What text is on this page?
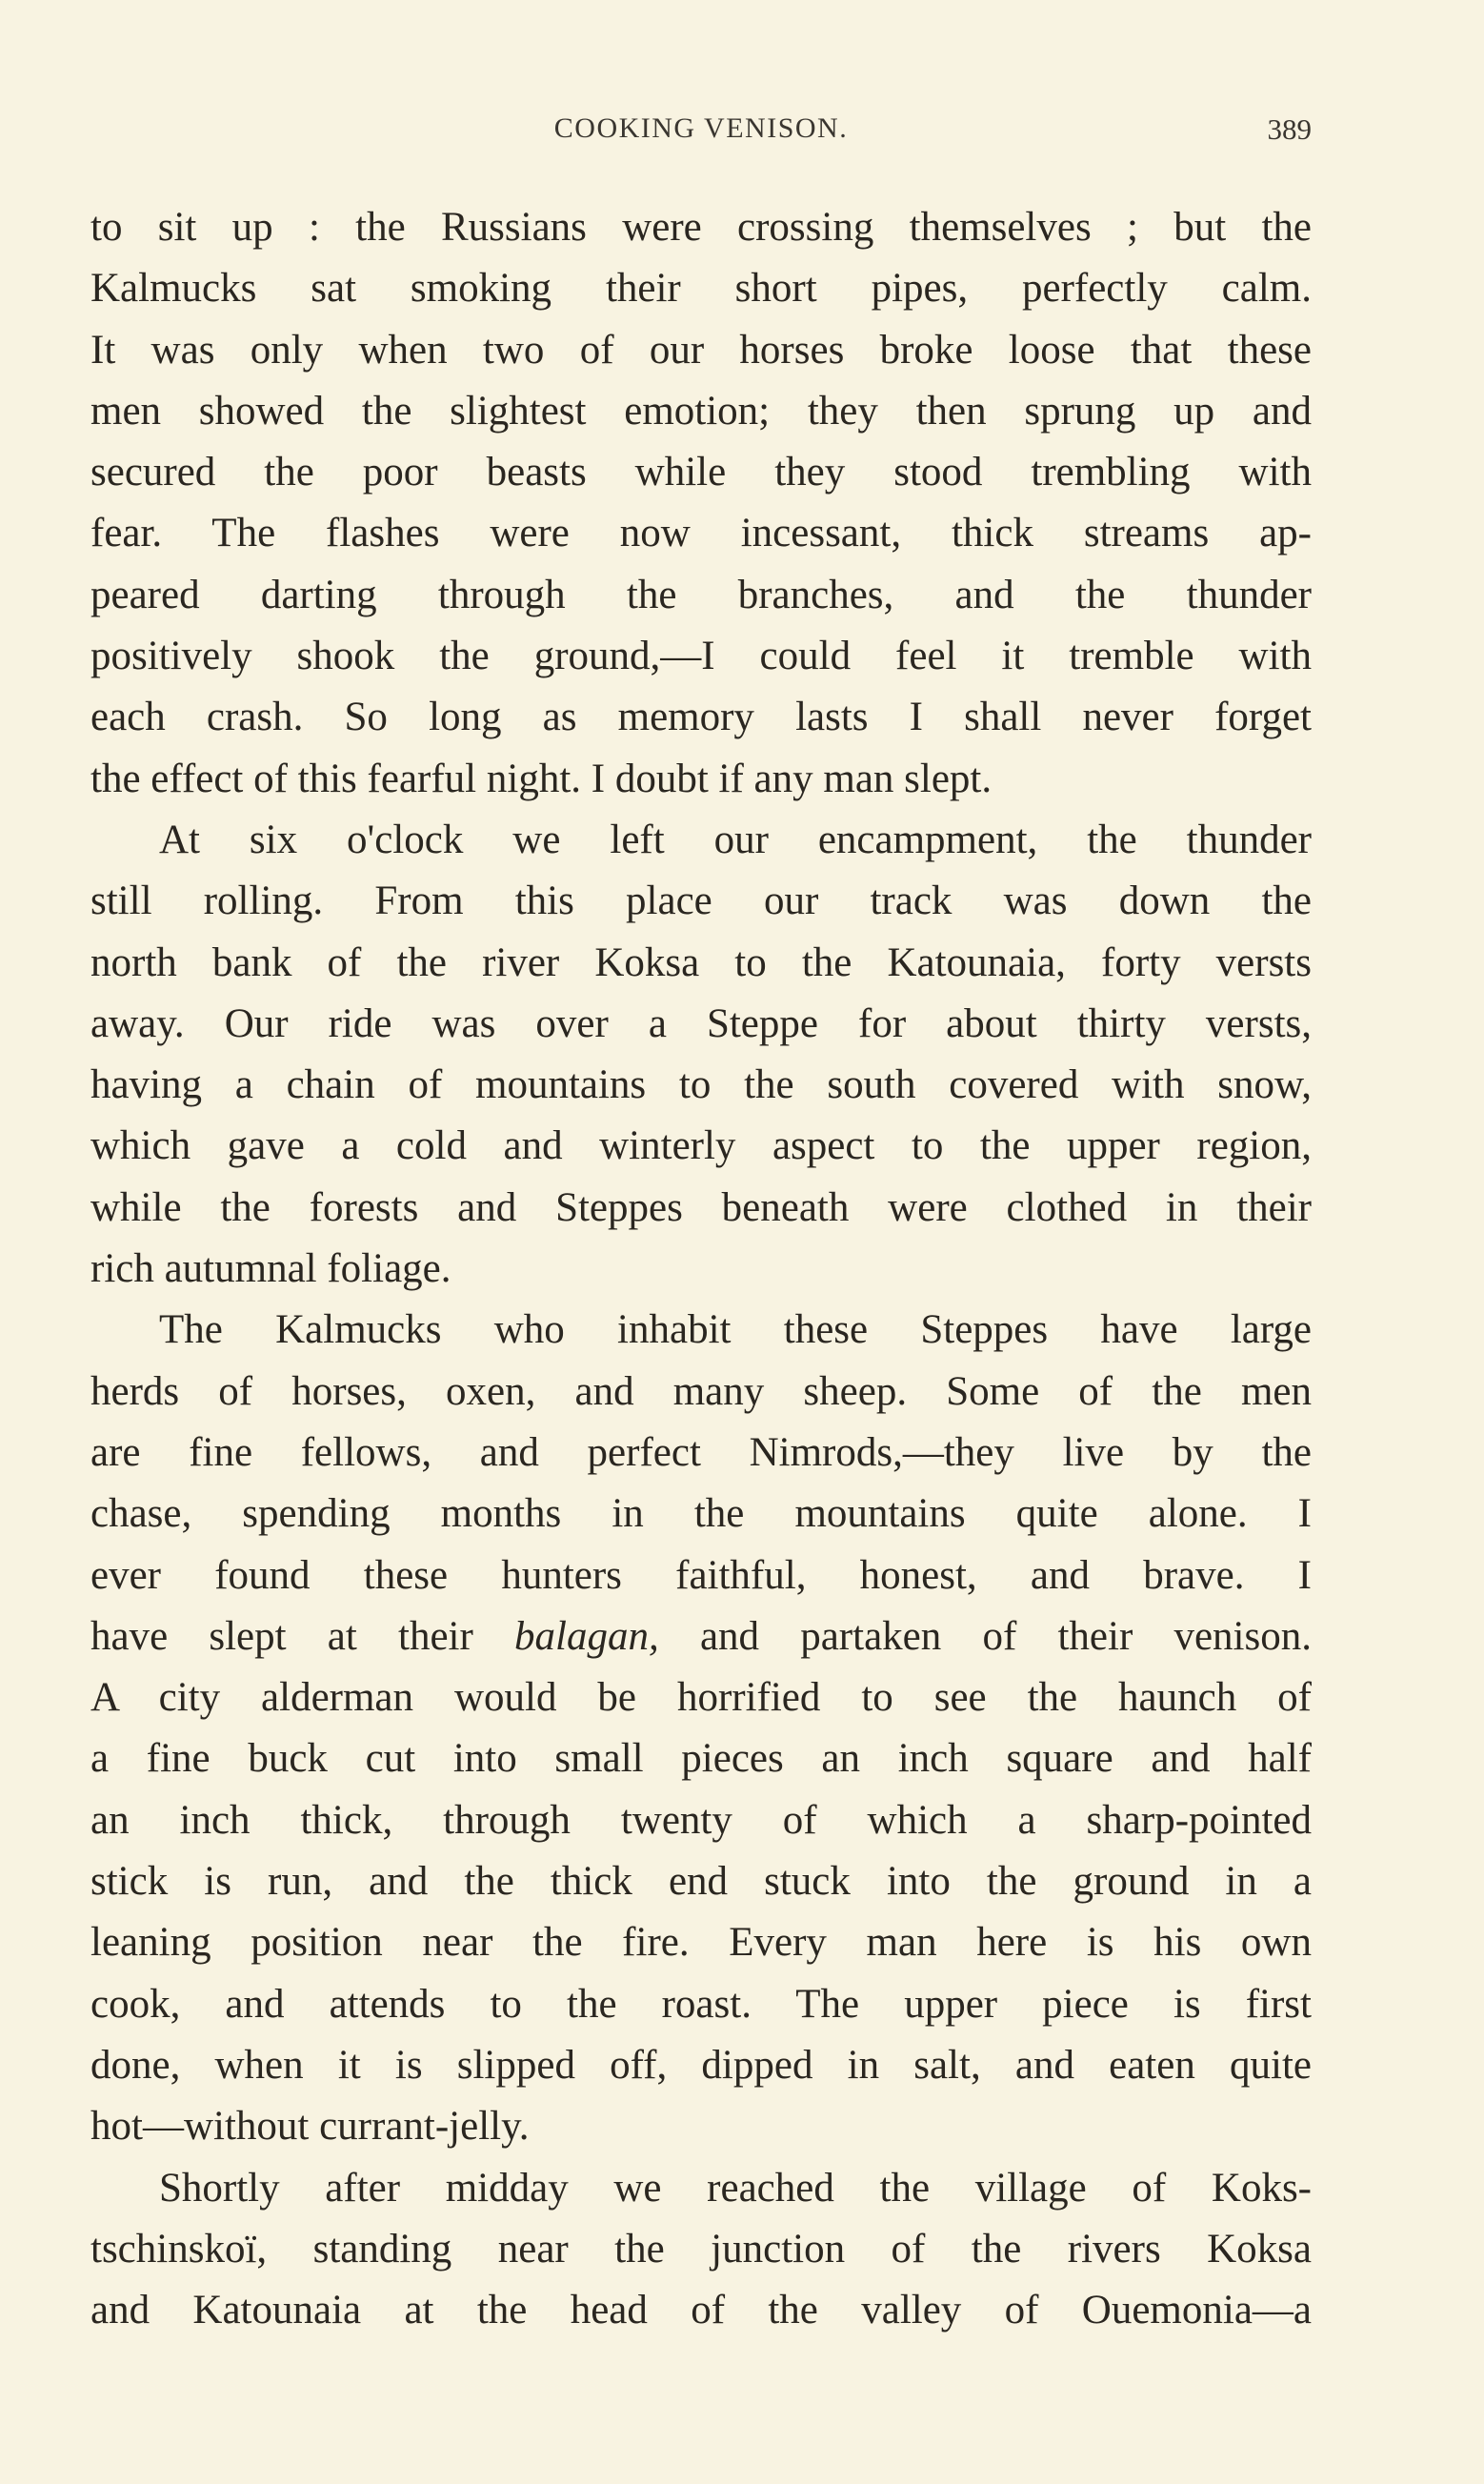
COOKING VENISON.	389
to sit up : the Russians were crossing themselves ; but the
Kalmucks sat smoking their short pipes, perfectly calm.
It was only when two of our horses broke loose that these
men showed the slightest emotion; they then sprung up and
secured the poor beasts while they stood trembling with
fear. The flashes were now incessant, thick streams ap-
peared darting through the branches, and the thunder
positively shook the ground,—I could feel it tremble with
each crash. So long as memory lasts I shall never forget
the effect of this fearful night. I doubt if any man slept.
At six o'clock we left our encampment, the thunder
still rolling. From this place our track was down the
north bank of the river Koksa to the Katounaia, forty versts
away. Our ride was over a Steppe for about thirty versts,
having a chain of mountains to the south covered with snow,
which gave a cold and winterly aspect to the upper region,
while the forests and Steppes beneath were clothed in their
rich autumnal foliage.
The Kalmucks who inhabit these Steppes have large
herds of horses, oxen, and many sheep. Some of the men
are fine fellows, and perfect Nimrods,—they live by the
chase, spending months in the mountains quite alone. I
ever found these hunters faithful, honest, and brave. I
have slept at their balagan, and partaken of their venison.
A city alderman would be horrified to see the haunch of
a fine buck cut into small pieces an inch square and half
an inch thick, through twenty of which a sharp-pointed
stick is run, and the thick end stuck into the ground in a
leaning position near the fire. Every man here is his own
cook, and attends to the roast. The upper piece is first
done, when it is slipped off, dipped in salt, and eaten quite
hot—without currant-jelly.
Shortly after midday we reached the village of Koks-
tschinskoï, standing near the junction of the rivers Koksa
and Katounaia at the head of the valley of Ouemonia—a
